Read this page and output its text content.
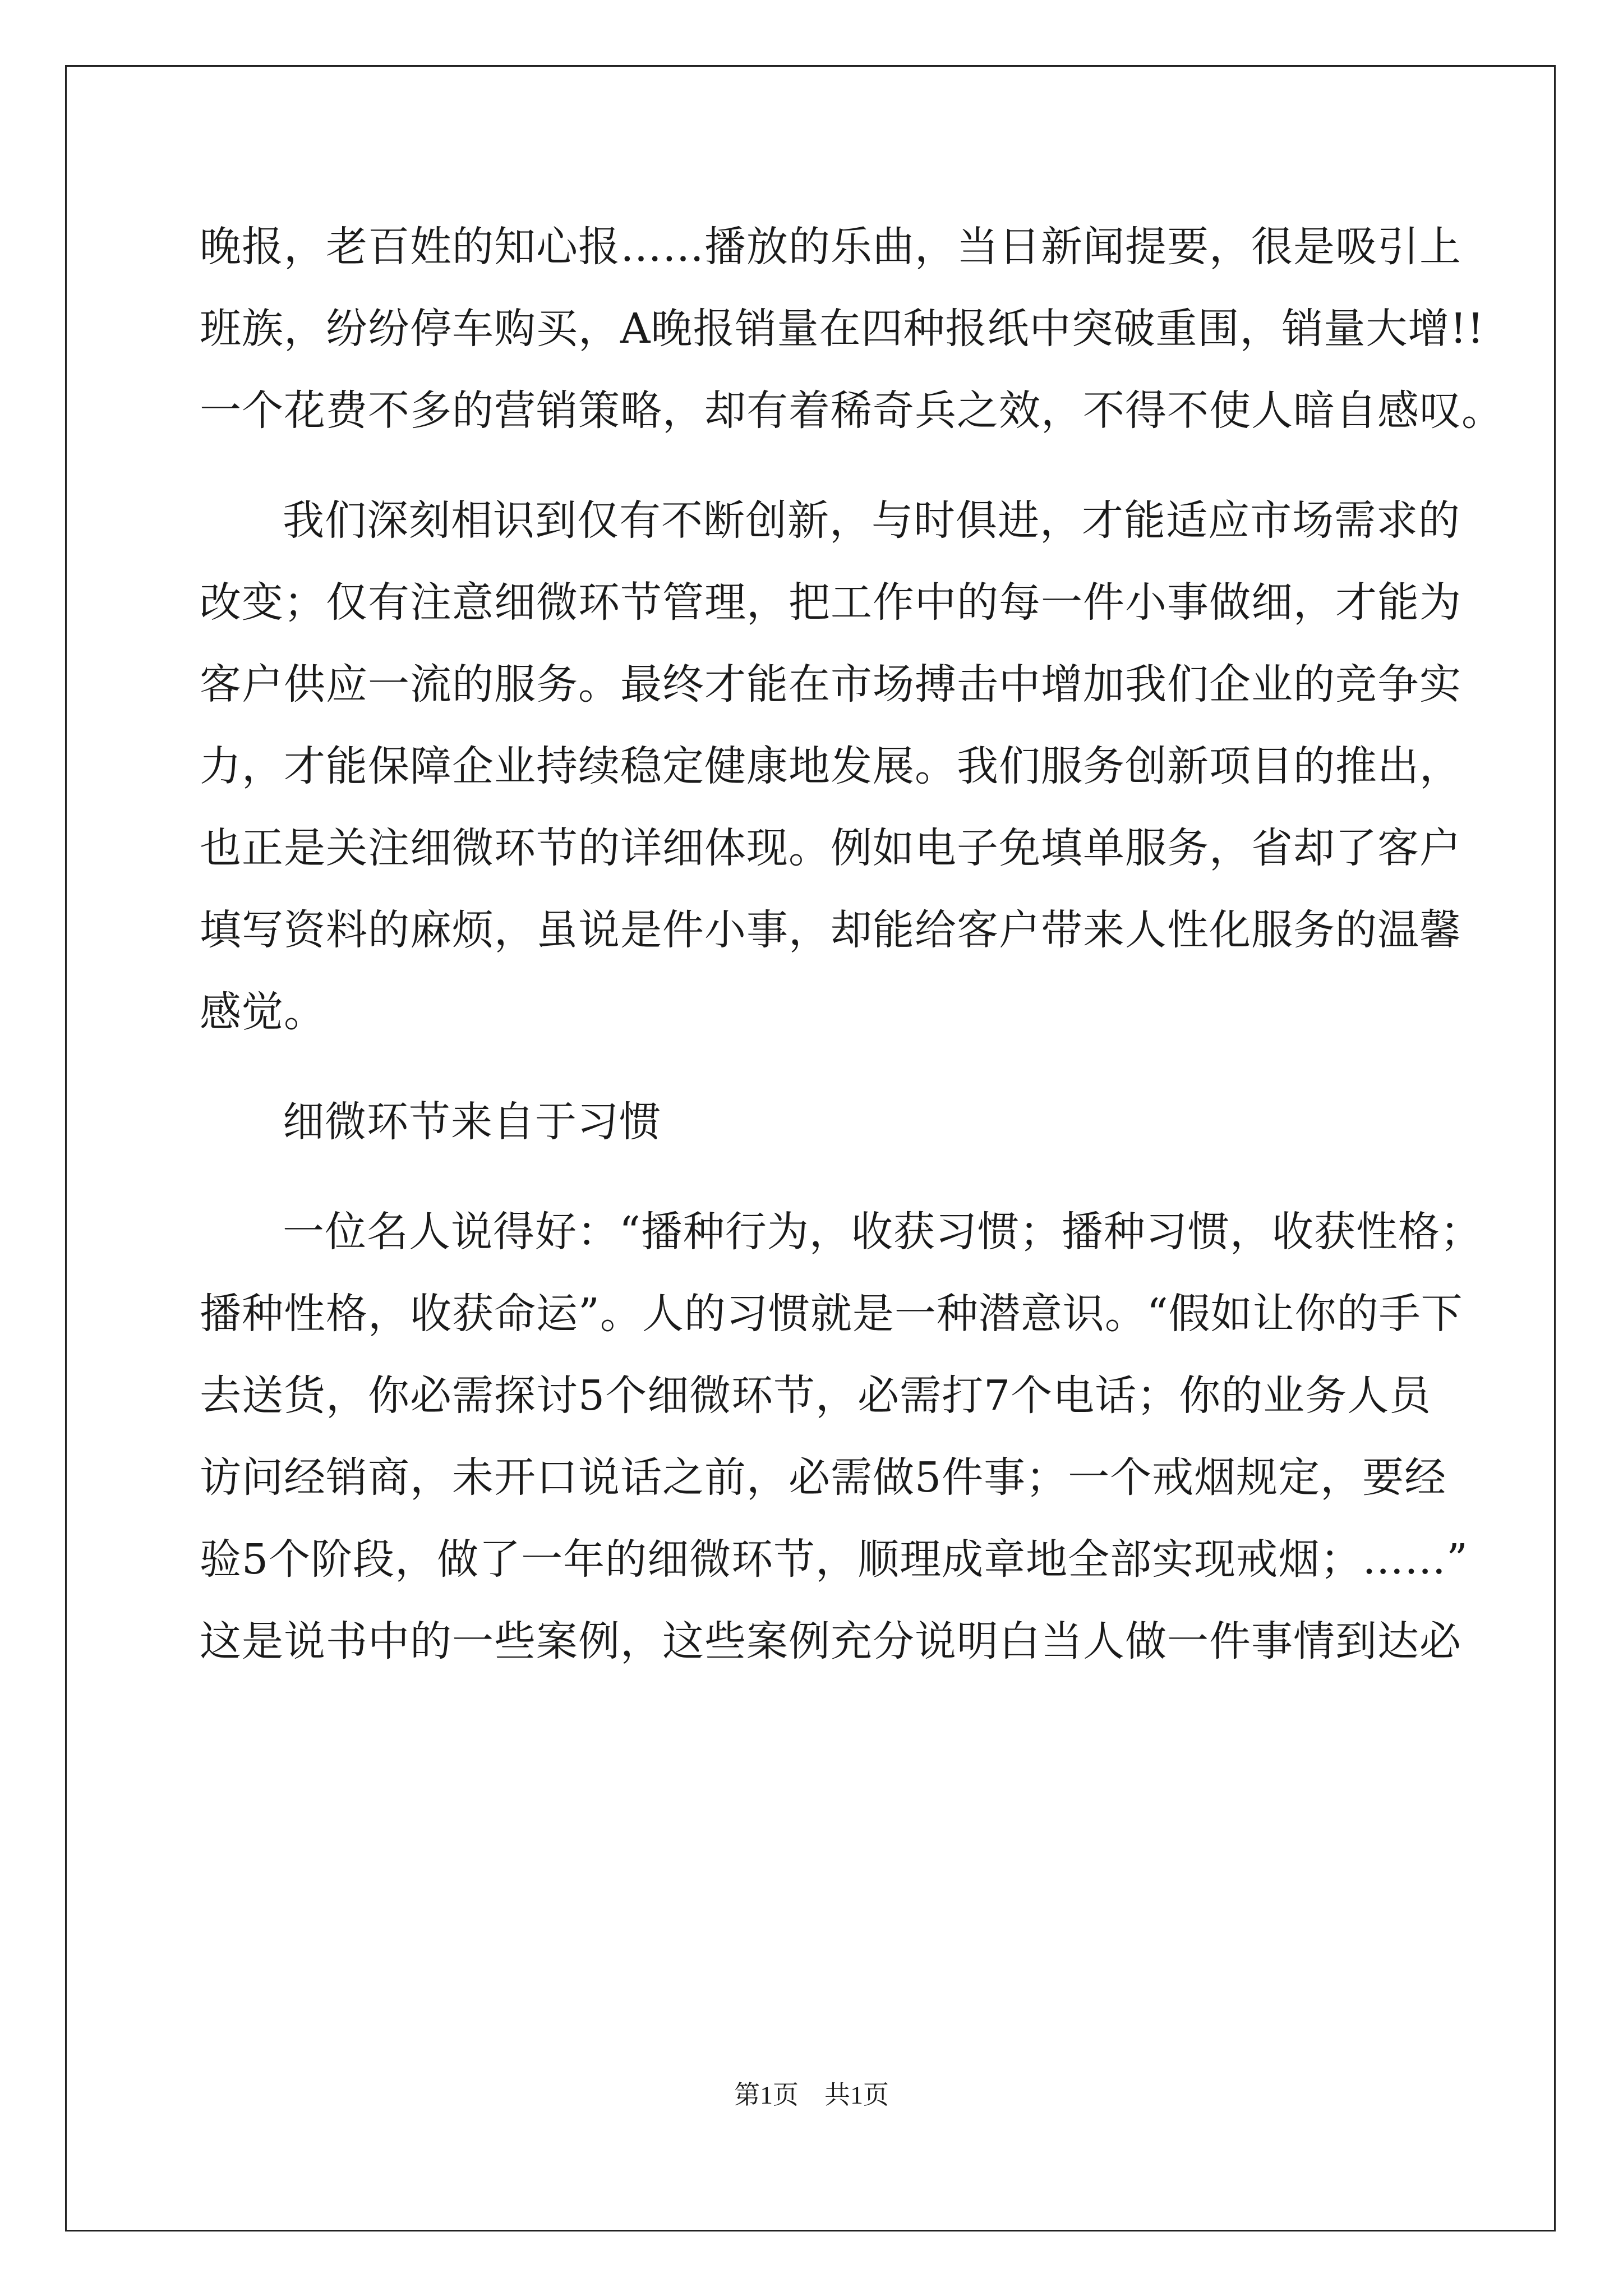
晚报，老百姓的知心报……播放的乐曲，当日新闻提要，很是吸引上
班族，纷纷停车购买，A晚报销量在四种报纸中突破重围，销量大增!!
一个花费不多的营销策略，却有着稀奇兵之效，不得不使人暗自感叹。
我们深刻相识到仅有不断创新，与时俱进，才能适应市场需求的
改变；仅有注意细微环节管理，把工作中的每一件小事做细，才能为
客户供应一流的服务。最终才能在市场搏击中增加我们企业的竞争实
力，才能保障企业持续稳定健康地发展。我们服务创新项目的推出，
也正是关注细微环节的详细体现。例如电子免填单服务，省却了客户
填写资料的麻烦，虽说是件小事，却能给客户带来人性化服务的温馨
感觉。
细微环节来自于习惯
一位名人说得好：“播种行为，收获习惯；播种习惯，收获性格；
播种性格，收获命运”。人的习惯就是一种潜意识。“假如让你的手下
去送货，你必需探讨5个细微环节，必需打7个电话；你的业务人员
访问经销商，未开口说话之前，必需做5件事；一个戒烟规定，要经
验5个阶段，做了一年的细微环节，顺理成章地全部实现戒烟；……”
这是说书中的一些案例，这些案例充分说明白当人做一件事情到达必
第1页 共1页
